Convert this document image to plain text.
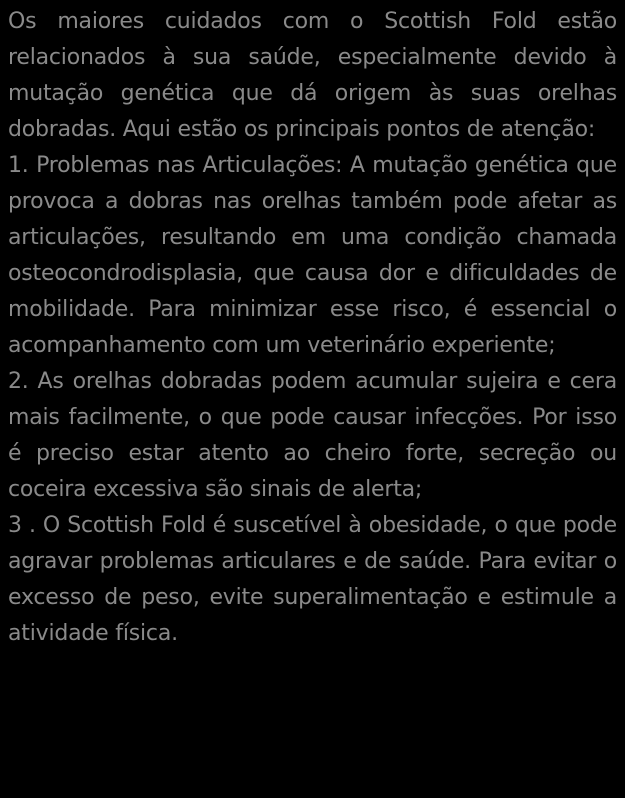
Os maiores cuidados com o Scottish Fold estão relacionados à sua saúde, especialmente devido à mutação genética que dá origem às suas orelhas dobradas. Aqui estão os principais pontos de atenção:

1. Problemas nas Articulações: A mutação genética que provoca a dobras nas orelhas também pode afetar as articulações, resultando em uma condição chamada osteocondrodisplasia, que causa dor e dificuldades de mobilidade. Para minimizar esse risco, é essencial o acompanhamento com um veterinário experiente;

2. As orelhas dobradas podem acumular sujeira e cera mais facilmente, o que pode causar infecções. Por isso é preciso estar atento ao cheiro forte, secreção ou coceira excessiva são sinais de alerta;

3 . O Scottish Fold é suscetível à obesidade, o que pode agravar problemas articulares e de saúde. Para evitar o excesso de peso, evite superalimentação e estimule a atividade física.
